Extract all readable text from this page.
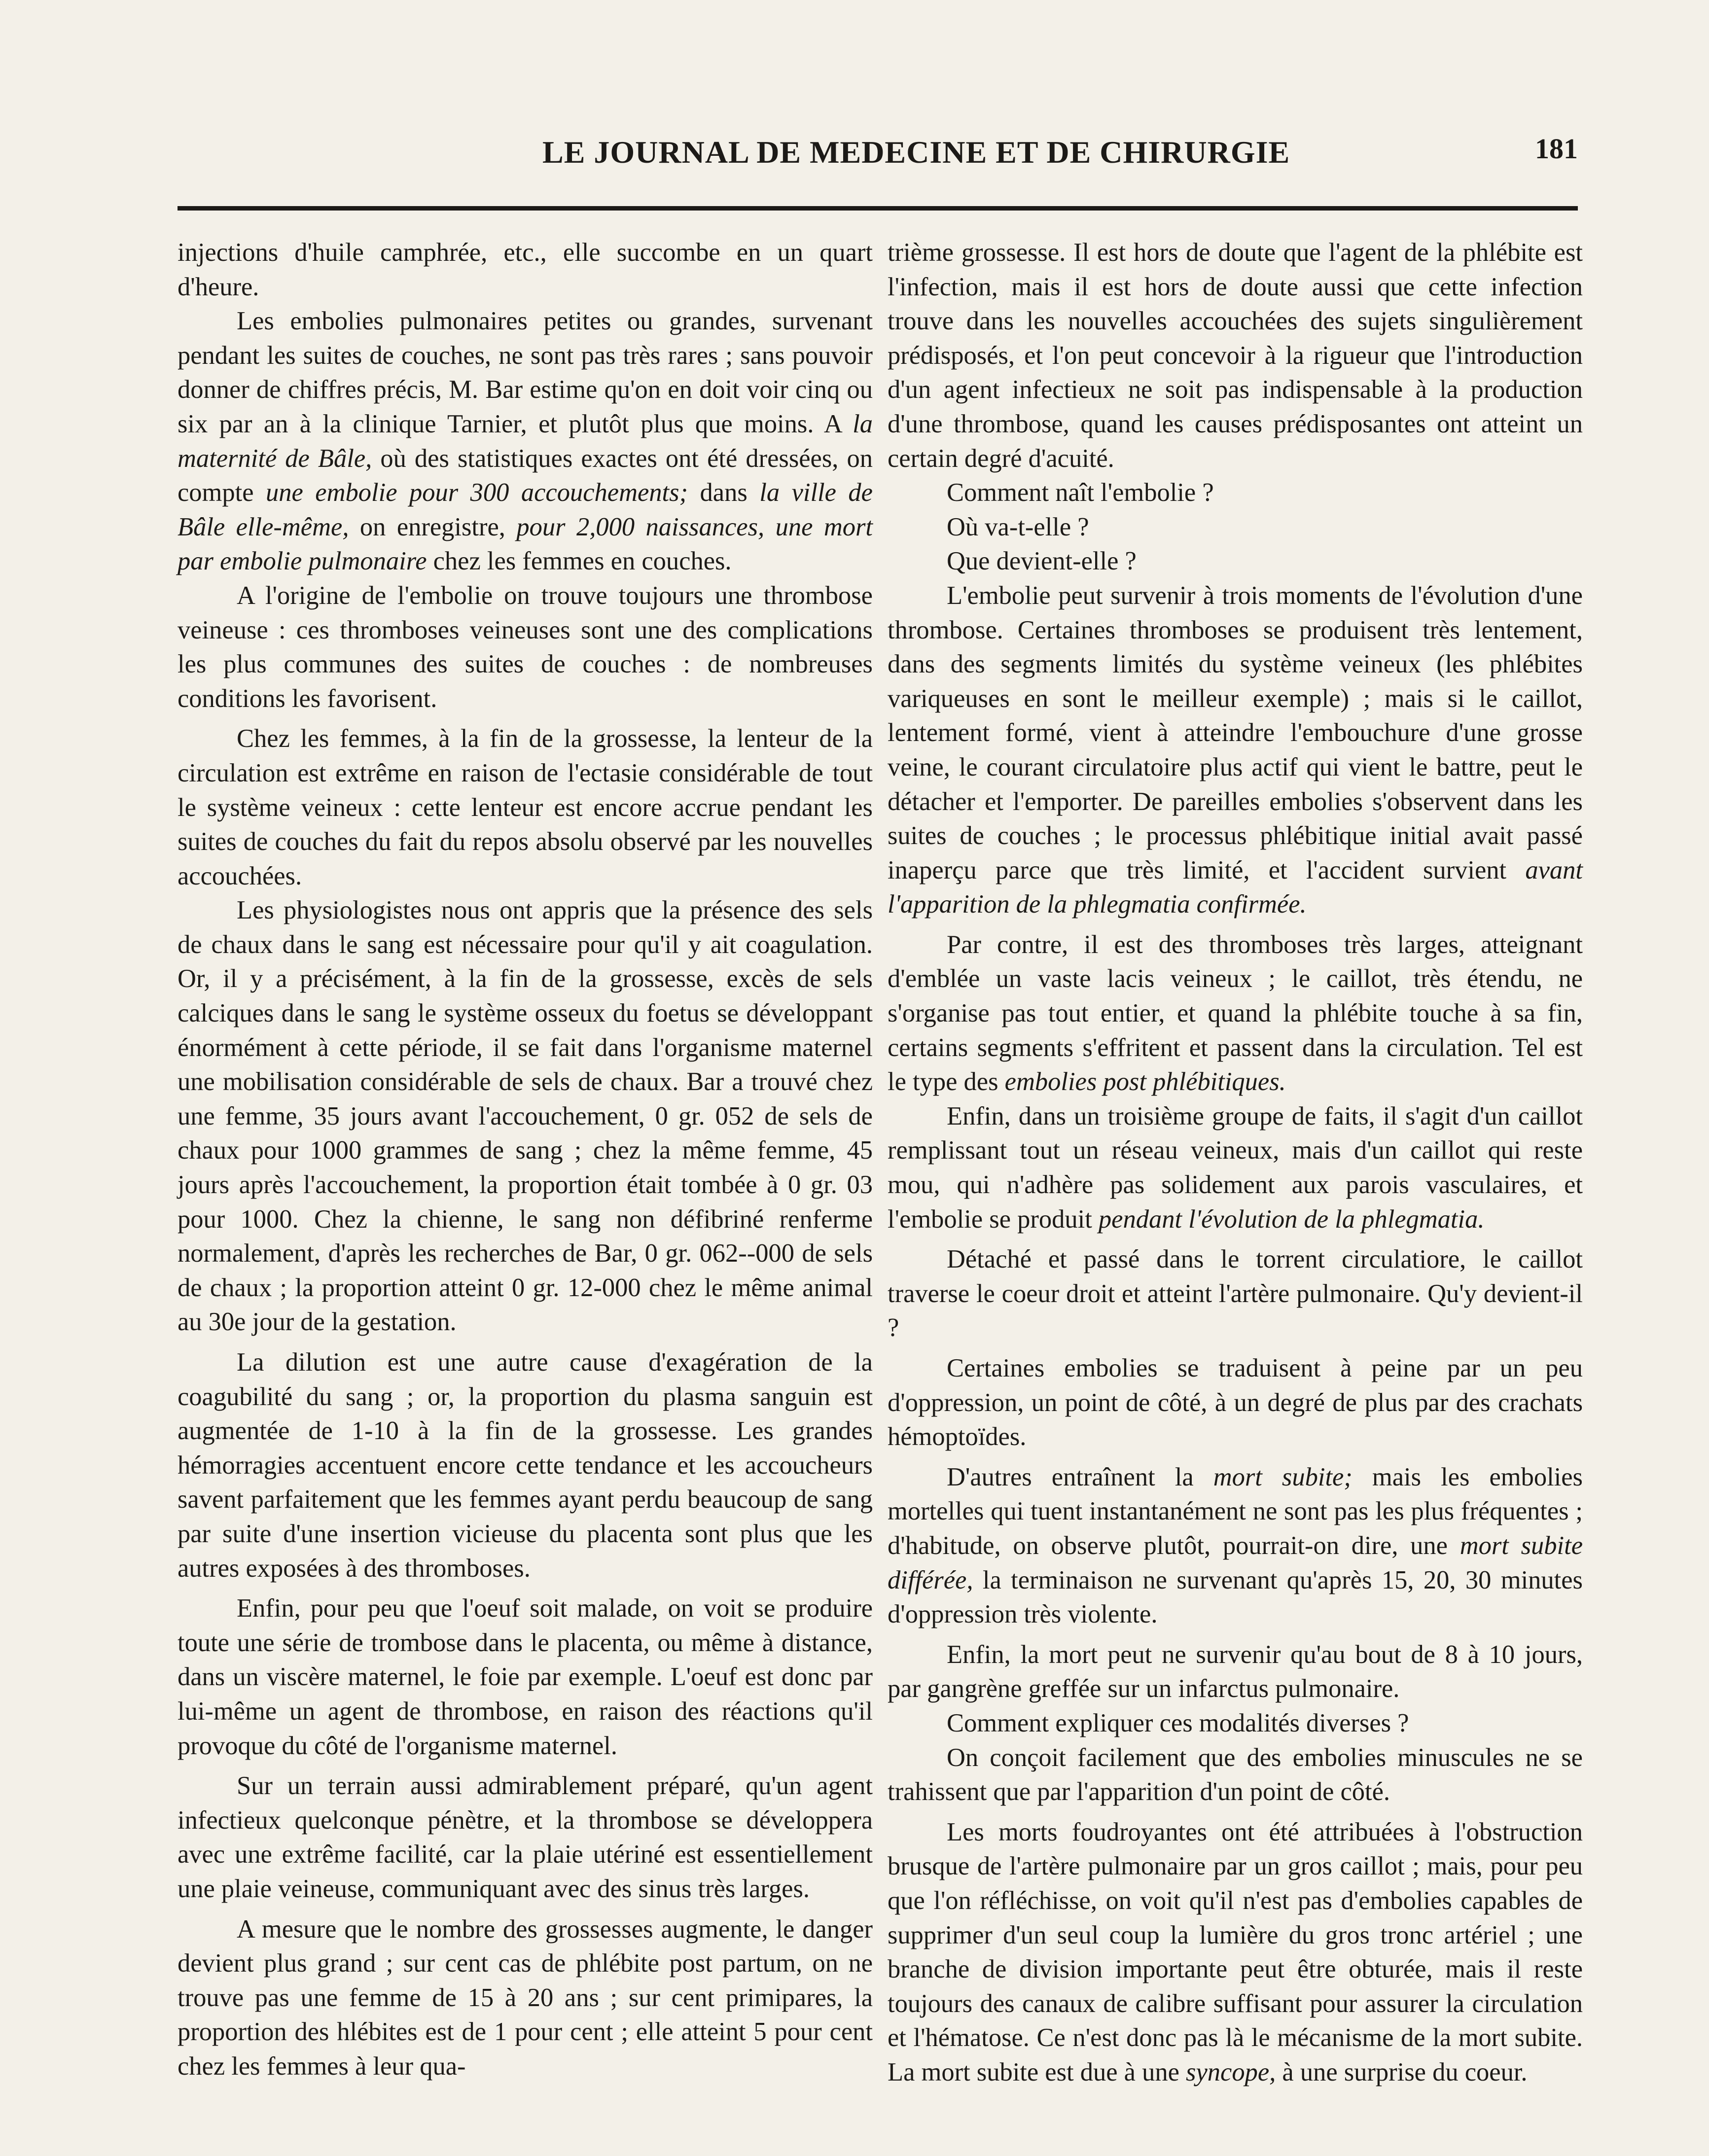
LE JOURNAL DE MEDECINE ET DE CHIRURGIE	181

injections d'huile camphrée, etc., elle succombe en un quart d'heure.

Les embolies pulmonaires petites ou grandes, survenant pendant les suites de couches, ne sont pas très rares ; sans pouvoir donner de chiffres précis, M. Bar estime qu'on en doit voir cinq ou six par an à la clinique Tarnier, et plutôt plus que moins. A la maternité de Bâle, où des statistiques exactes ont été dressées, on compte une embolie pour 300 accouchements; dans la ville de Bâle elle-même, on enregistre, pour 2,000 naissances, une mort par embolie pulmonaire chez les femmes en couches.

A l'origine de l'embolie on trouve toujours une thrombose veineuse : ces thromboses veineuses sont une des complications les plus communes des suites de couches : de nombreuses conditions les favorisent.

Chez les femmes, à la fin de la grossesse, la lenteur de la circulation est extrême en raison de l'ectasie considérable de tout le système veineux : cette lenteur est encore accrue pendant les suites de couches du fait du repos absolu observé par les nouvelles accouchées.

Les physiologistes nous ont appris que la présence des sels de chaux dans le sang est nécessaire pour qu'il y ait coagulation. Or, il y a précisément, à la fin de la grossesse, excès de sels calciques dans le sang le système osseux du foetus se développant énormément à cette période, il se fait dans l'organisme maternel une mobilisation considérable de sels de chaux. Bar a trouvé chez une femme, 35 jours avant l'accouchement, 0 gr. 052 de sels de chaux pour 1000 grammes de sang ; chez la même femme, 45 jours après l'accouchement, la proportion était tombée à 0 gr. 03 pour 1000. Chez la chienne, le sang non défibriné renferme normalement, d'après les recherches de Bar, 0 gr. 062--000 de sels de chaux ; la proportion atteint 0 gr. 12-000 chez le même animal au 30e jour de la gestation.

La dilution est une autre cause d'exagération de la coagubilité du sang ; or, la proportion du plasma sanguin est augmentée de 1-10 à la fin de la grossesse. Les grandes hémorragies accentuent encore cette tendance et les accoucheurs savent parfaitement que les femmes ayant perdu beaucoup de sang par suite d'une insertion vicieuse du placenta sont plus que les autres exposées à des thromboses.

Enfin, pour peu que l'oeuf soit malade, on voit se produire toute une série de trombose dans le placenta, ou même à distance, dans un viscère maternel, le foie par exemple. L'oeuf est donc par lui-même un agent de thrombose, en raison des réactions qu'il provoque du côté de l'organisme maternel.

Sur un terrain aussi admirablement préparé, qu'un agent infectieux quelconque pénètre, et la thrombose se développera avec une extrême facilité, car la plaie utériné est essentiellement une plaie veineuse, communiquant avec des sinus très larges.

A mesure que le nombre des grossesses augmente, le danger devient plus grand ; sur cent cas de phlébite post partum, on ne trouve pas une femme de 15 à 20 ans ; sur cent primipares, la proportion des hlébites est de 1 pour cent ; elle atteint 5 pour cent chez les femmes à leur qua-

trième grossesse. Il est hors de doute que l'agent de la phlébite est l'infection, mais il est hors de doute aussi que cette infection trouve dans les nouvelles accouchées des sujets singulièrement prédisposés, et l'on peut concevoir à la rigueur que l'introduction d'un agent infectieux ne soit pas indispensable à la production d'une thrombose, quand les causes prédisposantes ont atteint un certain degré d'acuité.

Comment naît l'embolie ?

Où va-t-elle ?

Que devient-elle ?

L'embolie peut survenir à trois moments de l'évolution d'une thrombose. Certaines thromboses se produisent très lentement, dans des segments limités du système veineux (les phlébites variqueuses en sont le meilleur exemple) ; mais si le caillot, lentement formé, vient à atteindre l'embouchure d'une grosse veine, le courant circulatoire plus actif qui vient le battre, peut le détacher et l'emporter. De pareilles embolies s'observent dans les suites de couches ; le processus phlébitique initial avait passé inaperçu parce que très limité, et l'accident survient avant l'apparition de la phlegmatia confirmée.

Par contre, il est des thromboses très larges, atteignant d'emblée un vaste lacis veineux ; le caillot, très étendu, ne s'organise pas tout entier, et quand la phlébite touche à sa fin, certains segments s'effritent et passent dans la circulation. Tel est le type des embolies post phlébitiques.

Enfin, dans un troisième groupe de faits, il s'agit d'un caillot remplissant tout un réseau veineux, mais d'un caillot qui reste mou, qui n'adhère pas solidement aux parois vasculaires, et l'embolie se produit pendant l'évolution de la phlegmatia.

Détaché et passé dans le torrent circulatiore, le caillot traverse le coeur droit et atteint l'artère pulmonaire. Qu'y devient-il ?

Certaines embolies se traduisent à peine par un peu d'oppression, un point de côté, à un degré de plus par des crachats hémoptoïdes.

D'autres entraînent la mort subite; mais les embolies mortelles qui tuent instantanément ne sont pas les plus fréquentes ; d'habitude, on observe plutôt, pourrait-on dire, une mort subite différée, la terminaison ne survenant qu'après 15, 20, 30 minutes d'oppression très violente.

Enfin, la mort peut ne survenir qu'au bout de 8 à 10 jours, par gangrène greffée sur un infarctus pulmonaire.

Comment expliquer ces modalités diverses ?

On conçoit facilement que des embolies minuscules ne se trahissent que par l'apparition d'un point de côté.

Les morts foudroyantes ont été attribuées à l'obstruction brusque de l'artère pulmonaire par un gros caillot ; mais, pour peu que l'on réfléchisse, on voit qu'il n'est pas d'embolies capables de supprimer d'un seul coup la lumière du gros tronc artériel ; une branche de division importante peut être obturée, mais il reste toujours des canaux de calibre suffisant pour assurer la circulation et l'hématose. Ce n'est donc pas là le mécanisme de la mort subite. La mort subite est due à une syncope, à une surprise du coeur.
